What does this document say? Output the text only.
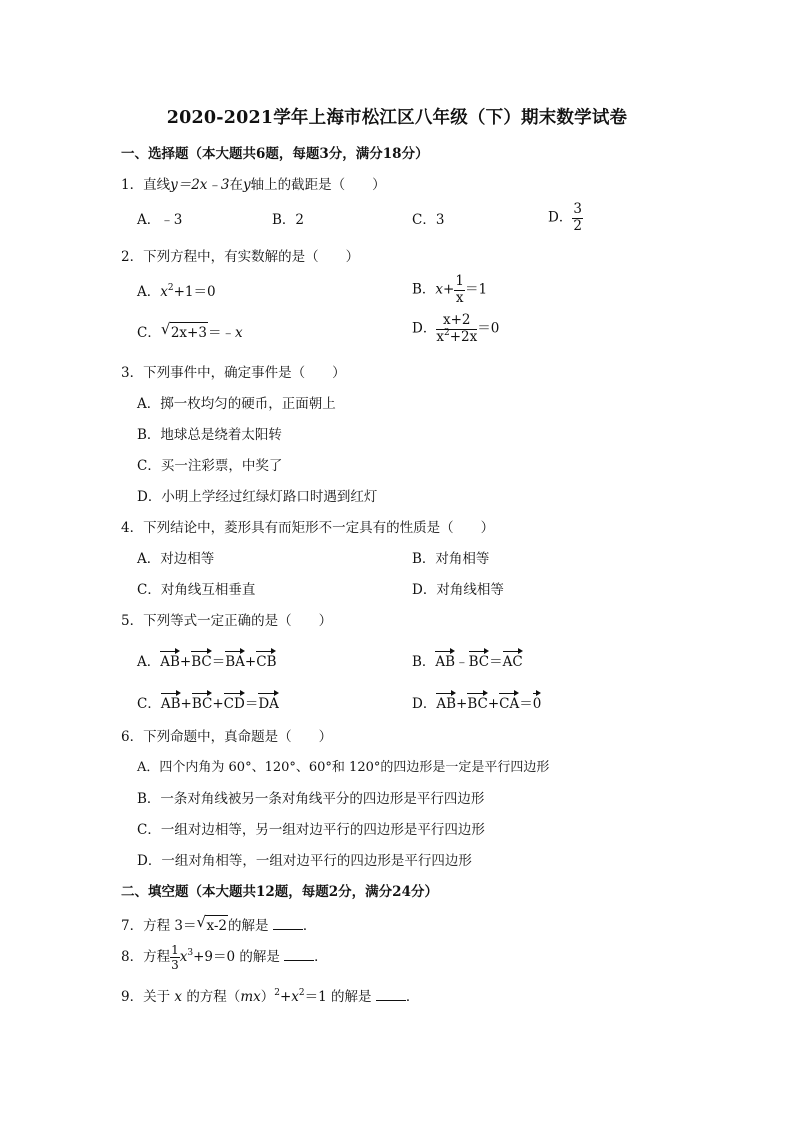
2020-2021学年上海市松江区八年级（下）期末数学试卷
一、选择题（本大题共6题，每题3分，满分18分）
1．直线y＝2x﹣3在y轴上的截距是（　　）
A．﹣3	B．2	C．3	D． $\frac{3}{2}$
2．下列方程中，有实数解的是（　　）
A．$x^2+1=0$	B．$x+ \frac{1}{x} =1$
C． √ 2x+3＝﹣x	D． $\frac{x+2}{x^2+2x} =0$
3．下列事件中，确定事件是（　　）
A．掷一枚均匀的硬币，正面朝上
B．地球总是绕着太阳转
C．买一注彩票，中奖了
D．小明上学经过红绿灯路口时遇到红灯
4．下列结论中，菱形具有而矩形不一定具有的性质是（　　）
A．对边相等	B．对角相等
C．对角线互相垂直	D．对角线相等
5．下列等式一定正确的是（　　）
A．AB+BC＝BA+CB	B．AB﹣BC＝AC
C．AB+BC+CD＝DA	D．AB+BC+CA＝0
6．下列命题中，真命题是（　　）
A．四个内角为 60°、120°、60°和 120°的四边形是一定是平行四边形
B．一条对角线被另一条对角线平分的四边形是平行四边形
C．一组对边相等，另一组对边平行的四边形是平行四边形
D．一组对角相等，一组对边平行的四边形是平行四边形
二、填空题（本大题共12题，每题2分，满分24分）
7．方程 3＝ √ x-2的解是	．
8．方程 $\frac{1}{3} x^3+9=0$ 的解是	．
9．关于 x 的方程$(mx)^2+x^2=1$ 的解是	．
